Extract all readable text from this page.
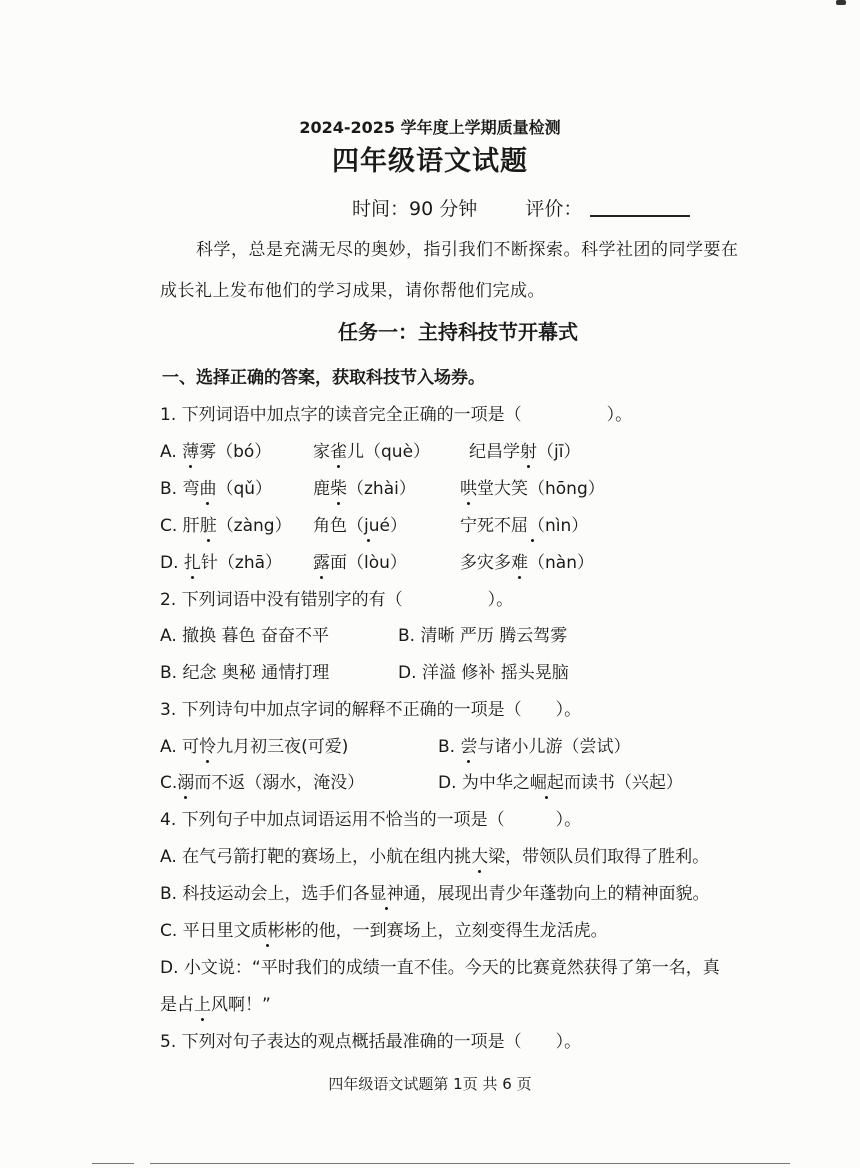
2024-2025 学年度上学期质量检测
四年级语文试题
时间：90 分钟	评价：
科学，总是充满无尽的奥妙，指引我们不断探索。科学社团的同学要在
成长礼上发布他们的学习成果，请你帮他们完成。
任务一：主持科技节开幕式
一、选择正确的答案，获取科技节入场券。
1. 下列词语中加点字的读音完全正确的一项是（　　　　　）。
A. 薄雾（bó） 家雀儿（què） 纪昌学射（jī）
B. 弯曲（qǔ） 鹿柴（zhài）	哄堂大笑（hōng）
C. 肝脏（zàng） 角色（jué）	宁死不屈（nìn）
D. 扎针（zhā） 露面（lòu）	多灾多难（nàn）
2. 下列词语中没有错别字的有（　　　　　）。
A. 撤换 暮色 奋奋不平	B. 清晰 严历 腾云驾雾
B. 纪念 奥秘 通情打理	D. 洋溢 修补 摇头晃脑
3. 下列诗句中加点字词的解释不正确的一项是（　　）。
A. 可怜九月初三夜(可爱)	B. 尝与诸小儿游（尝试）
C.溺而不返（溺水，淹没）	D. 为中华之崛起而读书（兴起）
4. 下列句子中加点词语运用不恰当的一项是（　　　）。
A. 在气弓箭打靶的赛场上，小航在组内挑大梁，带领队员们取得了胜利。
B. 科技运动会上，选手们各显神通，展现出青少年蓬勃向上的精神面貌。
C. 平日里文质彬彬的他，一到赛场上，立刻变得生龙活虎。
D. 小文说：“平时我们的成绩一直不佳。今天的比赛竟然获得了第一名，真
是占上风啊！”
5. 下列对句子表达的观点概括最准确的一项是（　　）。
四年级语文试题第 1页 共 6 页
